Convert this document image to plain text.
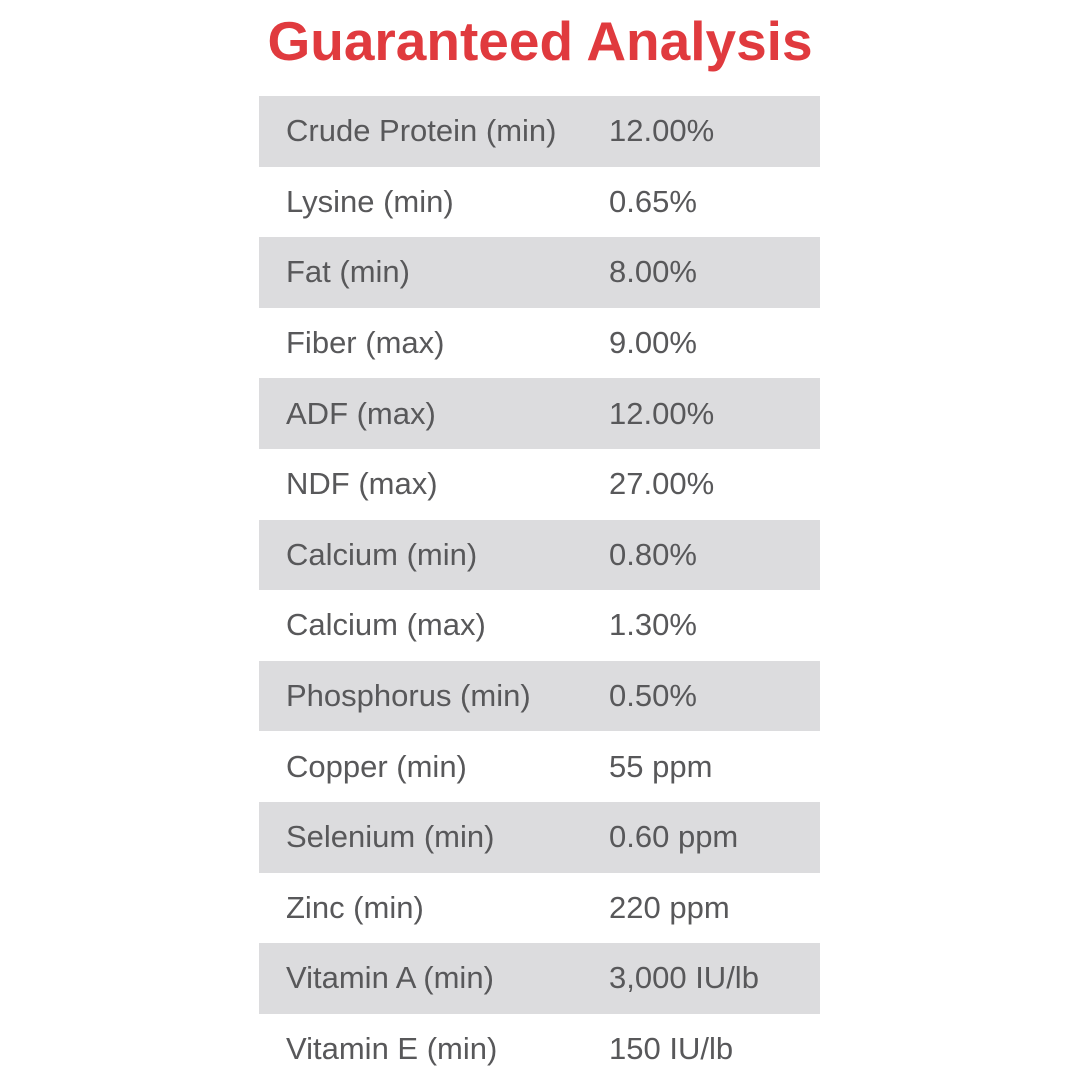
Guaranteed Analysis
Crude Protein (min)	12.00%
Lysine (min)	0.65%
Fat (min)	8.00%
Fiber (max)	9.00%
ADF (max)	12.00%
NDF (max)	27.00%
Calcium (min)	0.80%
Calcium (max)	1.30%
Phosphorus (min)	0.50%
Copper (min)	55 ppm
Selenium (min)	0.60 ppm
Zinc (min)	220 ppm
Vitamin A (min)	3,000 IU/lb
Vitamin E (min)	150 IU/lb
